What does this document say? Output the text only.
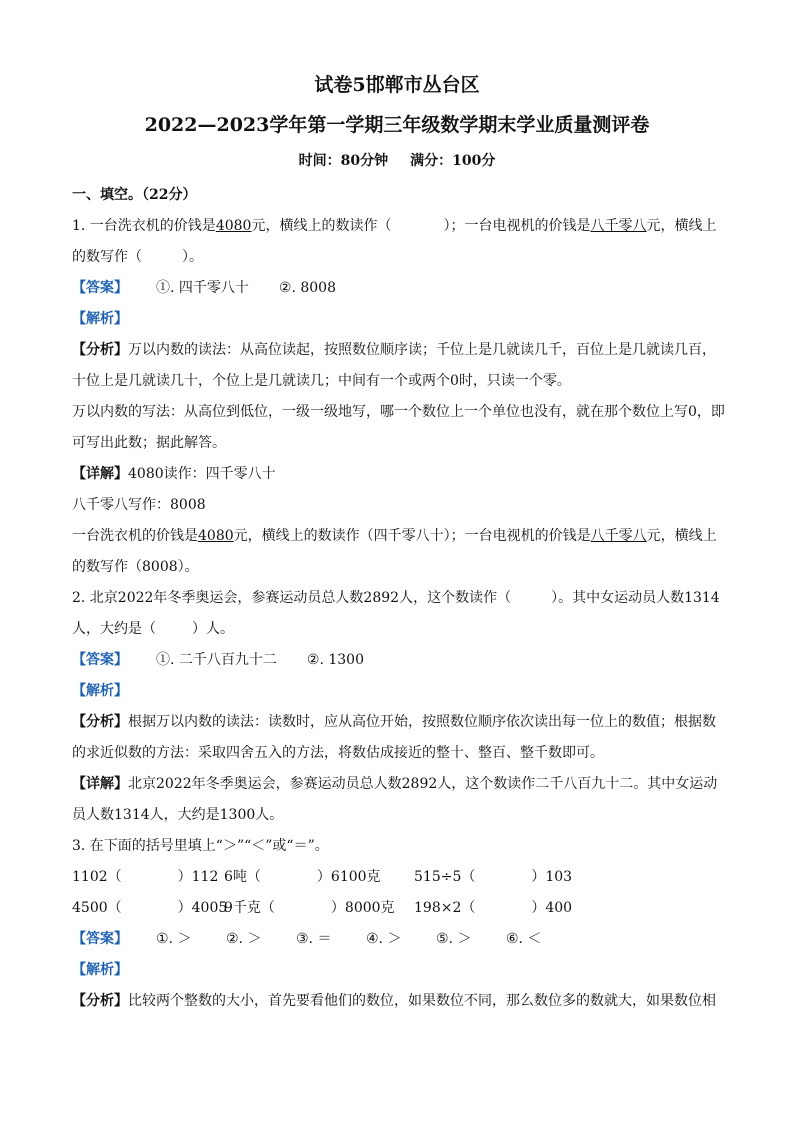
试卷5邯郸市丛台区
2022—2023学年第一学期三年级数学期末学业质量测评卷
时间：80分钟 满分：100分
一、填空。（22分）
1. 一台洗衣机的价钱是4080元，横线上的数读作（	）；一台电视机的价钱是八千零八元，横线上
的数写作（	）。
【答案】 ①. 四千零八十 ②. 8008
【解析】
【分析】万以内数的读法：从高位读起，按照数位顺序读；千位上是几就读几千，百位上是几就读几百，
十位上是几就读几十，个位上是几就读几；中间有一个或两个0时，只读一个零。
万以内数的写法：从高位到低位，一级一级地写，哪一个数位上一个单位也没有，就在那个数位上写0，即
可写出此数；据此解答。
【详解】4080读作：四千零八十
八千零八写作：8008
一台洗衣机的价钱是4080元，横线上的数读作（四千零八十）；一台电视机的价钱是八千零八元，横线上
的数写作（8008）。
2. 北京2022年冬季奥运会，参赛运动员总人数2892人，这个数读作（	）。其中女运动员人数1314
人，大约是（	）人。
【答案】 ①. 二千八百九十二 ②. 1300
【解析】
【分析】根据万以内数的读法：读数时，应从高位开始，按照数位顺序依次读出每一位上的数值；根据数
的求近似数的方法：采取四舍五入的方法，将数估成接近的整十、整百、整千数即可。
【详解】北京2022年冬季奥运会，参赛运动员总人数2892人，这个数读作二千八百九十二。其中女运动
员人数1314人，大约是1300人。
3. 在下面的括号里填上“＞”“＜”或“＝”。
1102（	）112 6吨（	）6100克 515÷5（	）103
4500（	）40059千克（	）8000克 198×2（	）400
【答案】 ①. ＞ ②. ＞ ③. ＝ ④. ＞ ⑤. ＞ ⑥. ＜
【解析】
【分析】比较两个整数的大小，首先要看他们的数位，如果数位不同，那么数位多的数就大，如果数位相
